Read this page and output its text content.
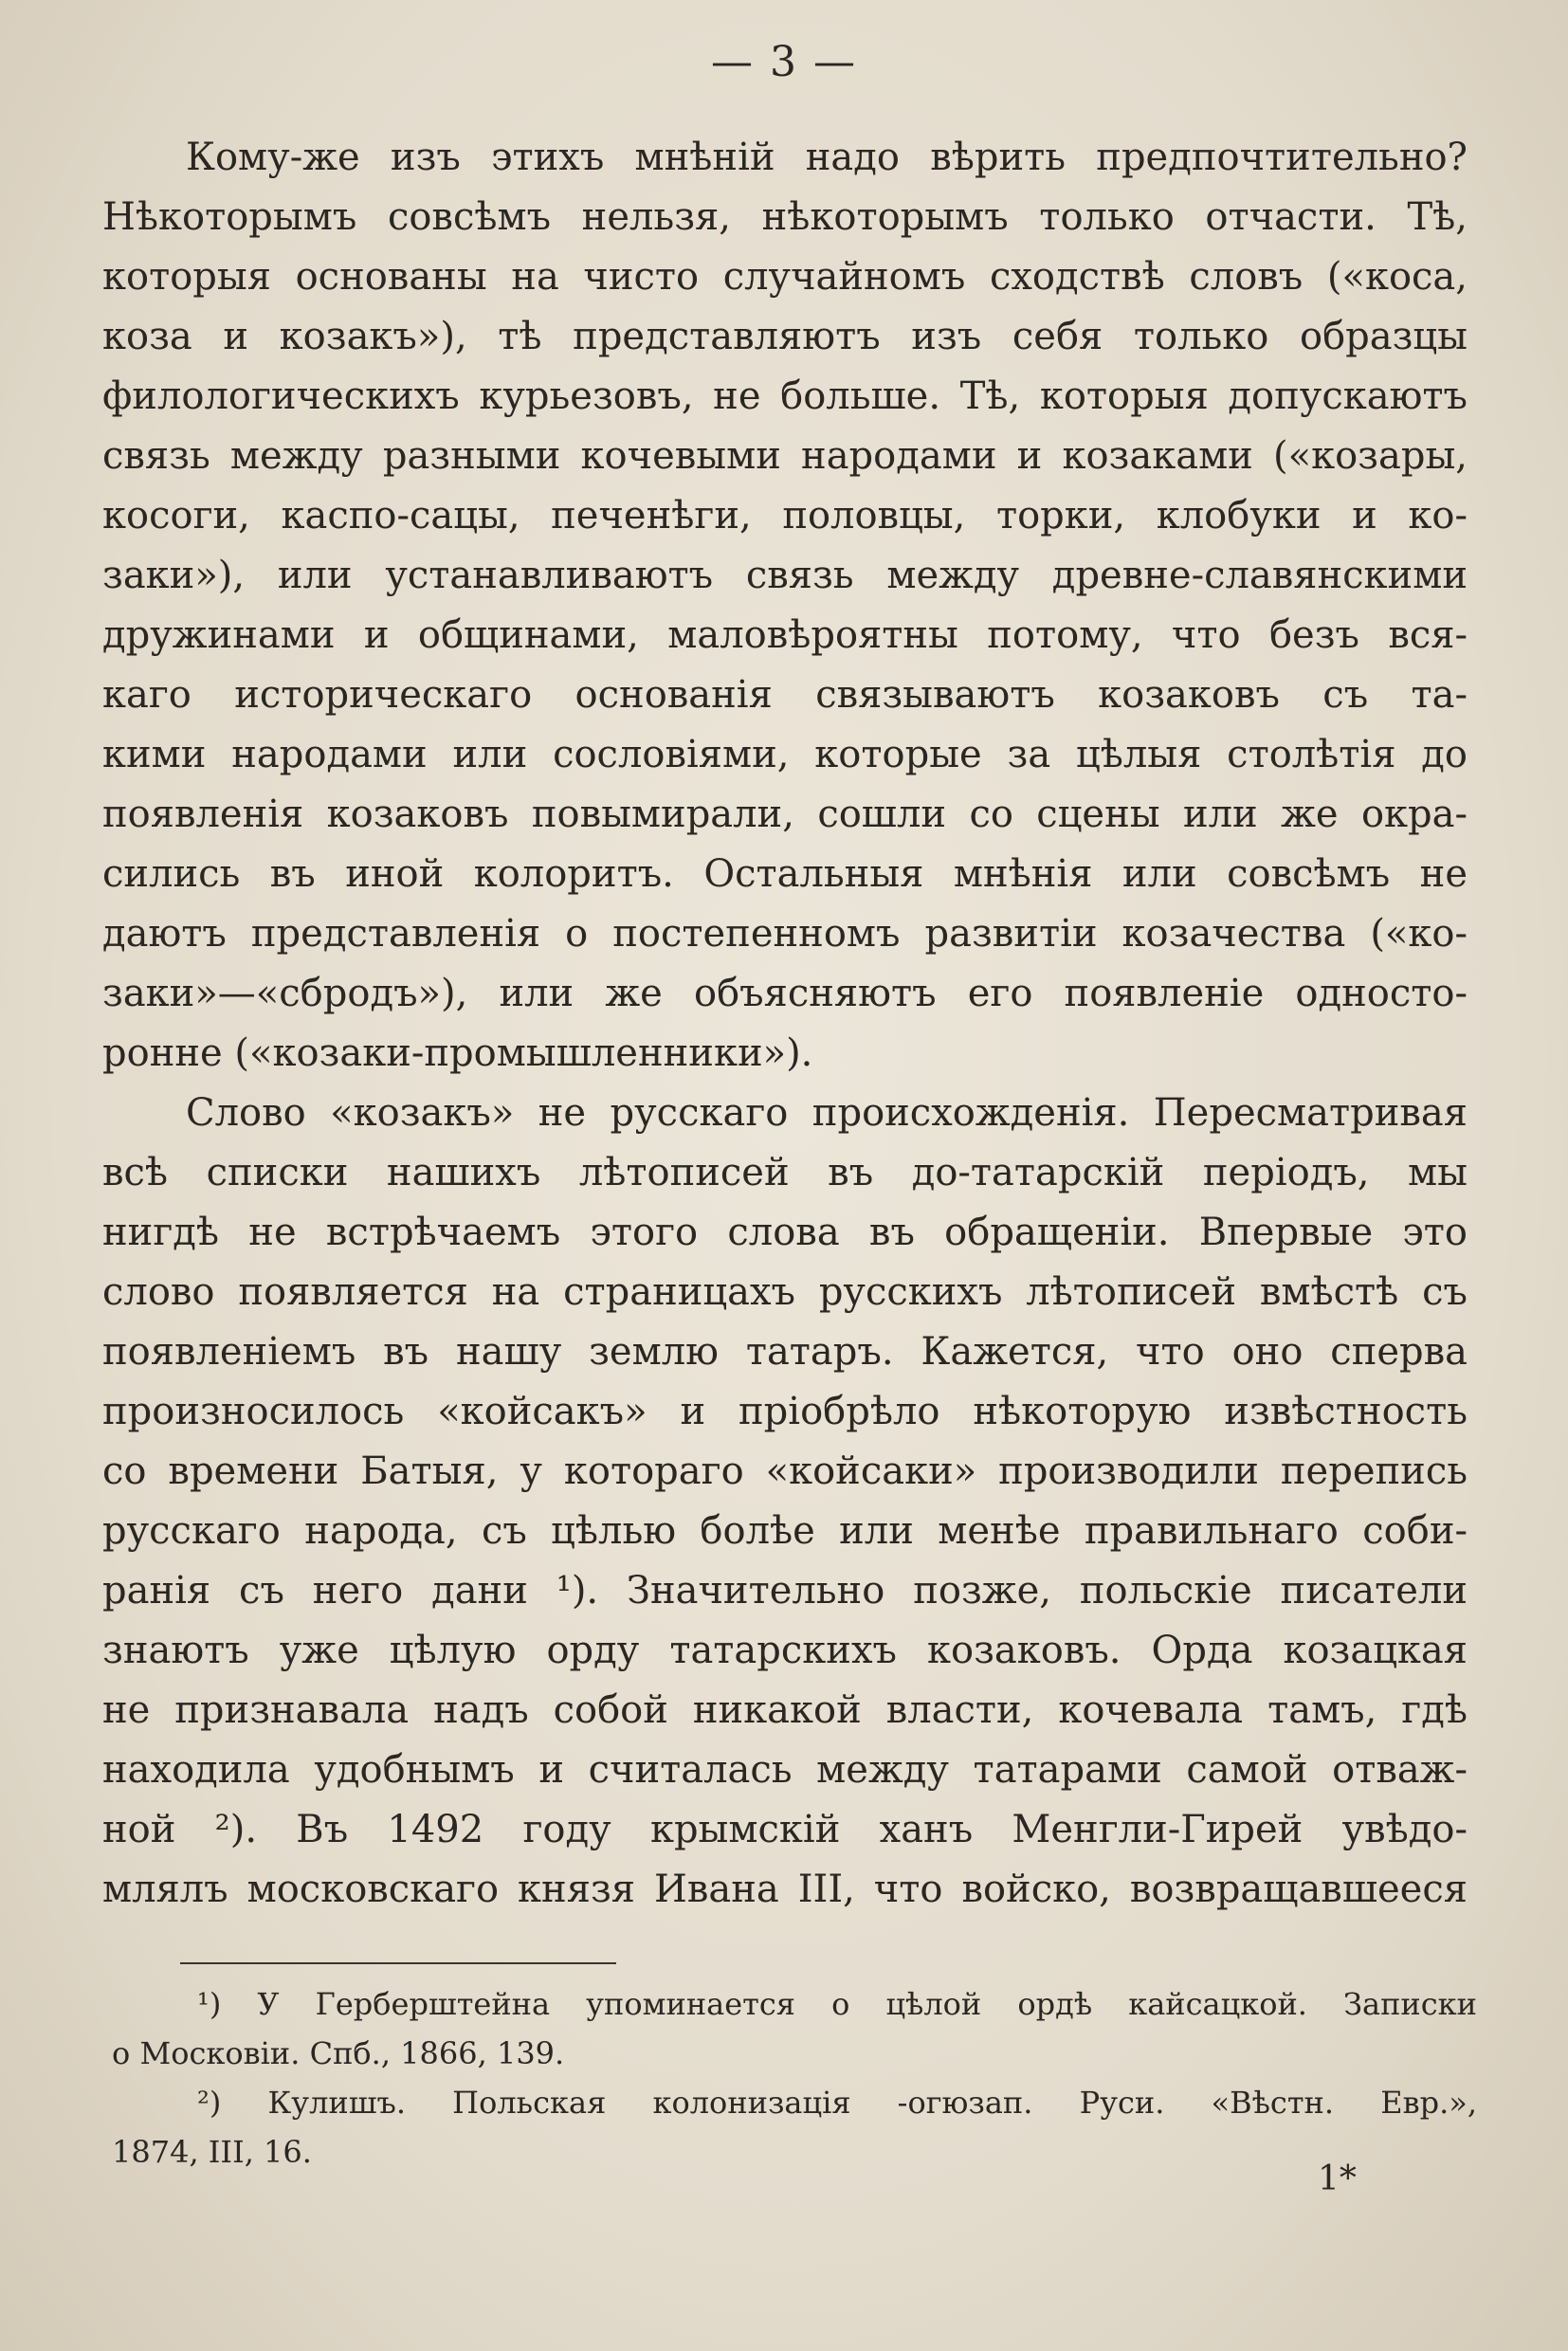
— 3 —
Кому-же изъ этихъ мнѣній надо вѣрить предпочтительно?
Нѣкоторымъ совсѣмъ нельзя, нѣкоторымъ только отчасти. Тѣ,
которыя основаны на чисто случайномъ сходствѣ словъ («коса,
коза и козакъ»), тѣ представляютъ изъ себя только образцы
филологическихъ курьезовъ, не больше. Тѣ, которыя допускаютъ
связь между разными кочевыми народами и козаками («козары,
косоги, каспо-сацы, печенѣги, половцы, торки, клобуки и ко-
заки»), или устанавливаютъ связь между древне-славянскими
дружинами и общинами, маловѣроятны потому, что безъ вся-
каго историческаго основанія связываютъ козаковъ съ та-
кими народами или сословіями, которые за цѣлыя столѣтія до
появленія козаковъ повымирали, сошли со сцены или же окра-
сились въ иной колоритъ. Остальныя мнѣнія или совсѣмъ не
даютъ представленія о постепенномъ развитіи козачества («ко-
заки»—«сбродъ»), или же объясняютъ его появленіе односто-
ронне («козаки-промышленники»).
Слово «козакъ» не русскаго происхожденія. Пересматривая
всѣ списки нашихъ лѣтописей въ до-татарскій періодъ, мы
нигдѣ не встрѣчаемъ этого слова въ обращеніи. Впервые это
слово появляется на страницахъ русскихъ лѣтописей вмѣстѣ съ
появленіемъ въ нашу землю татаръ. Кажется, что оно сперва
произносилось «койсакъ» и пріобрѣло нѣкоторую извѣстность
со времени Батыя, у котораго «койсаки» производили перепись
русскаго народа, съ цѣлью болѣе или менѣе правильнаго соби-
ранія съ него дани ¹). Значительно позже, польскіе писатели
знаютъ уже цѣлую орду татарскихъ козаковъ. Орда козацкая
не признавала надъ собой никакой власти, кочевала тамъ, гдѣ
находила удобнымъ и считалась между татарами самой отваж-
ной ²). Въ 1492 году крымскій ханъ Менгли-Гирей увѣдо-
млялъ московскаго князя Ивана III, что войско, возвращавшееся
¹) У Герберштейна упоминается о цѣлой ордѣ кайсацкой. Записки
о Московіи. Спб., 1866, 139.
²) Кулишъ. Польская колонизація -огюзап. Руси. «Вѣстн. Евр.»,
1874, III, 16.
1*
